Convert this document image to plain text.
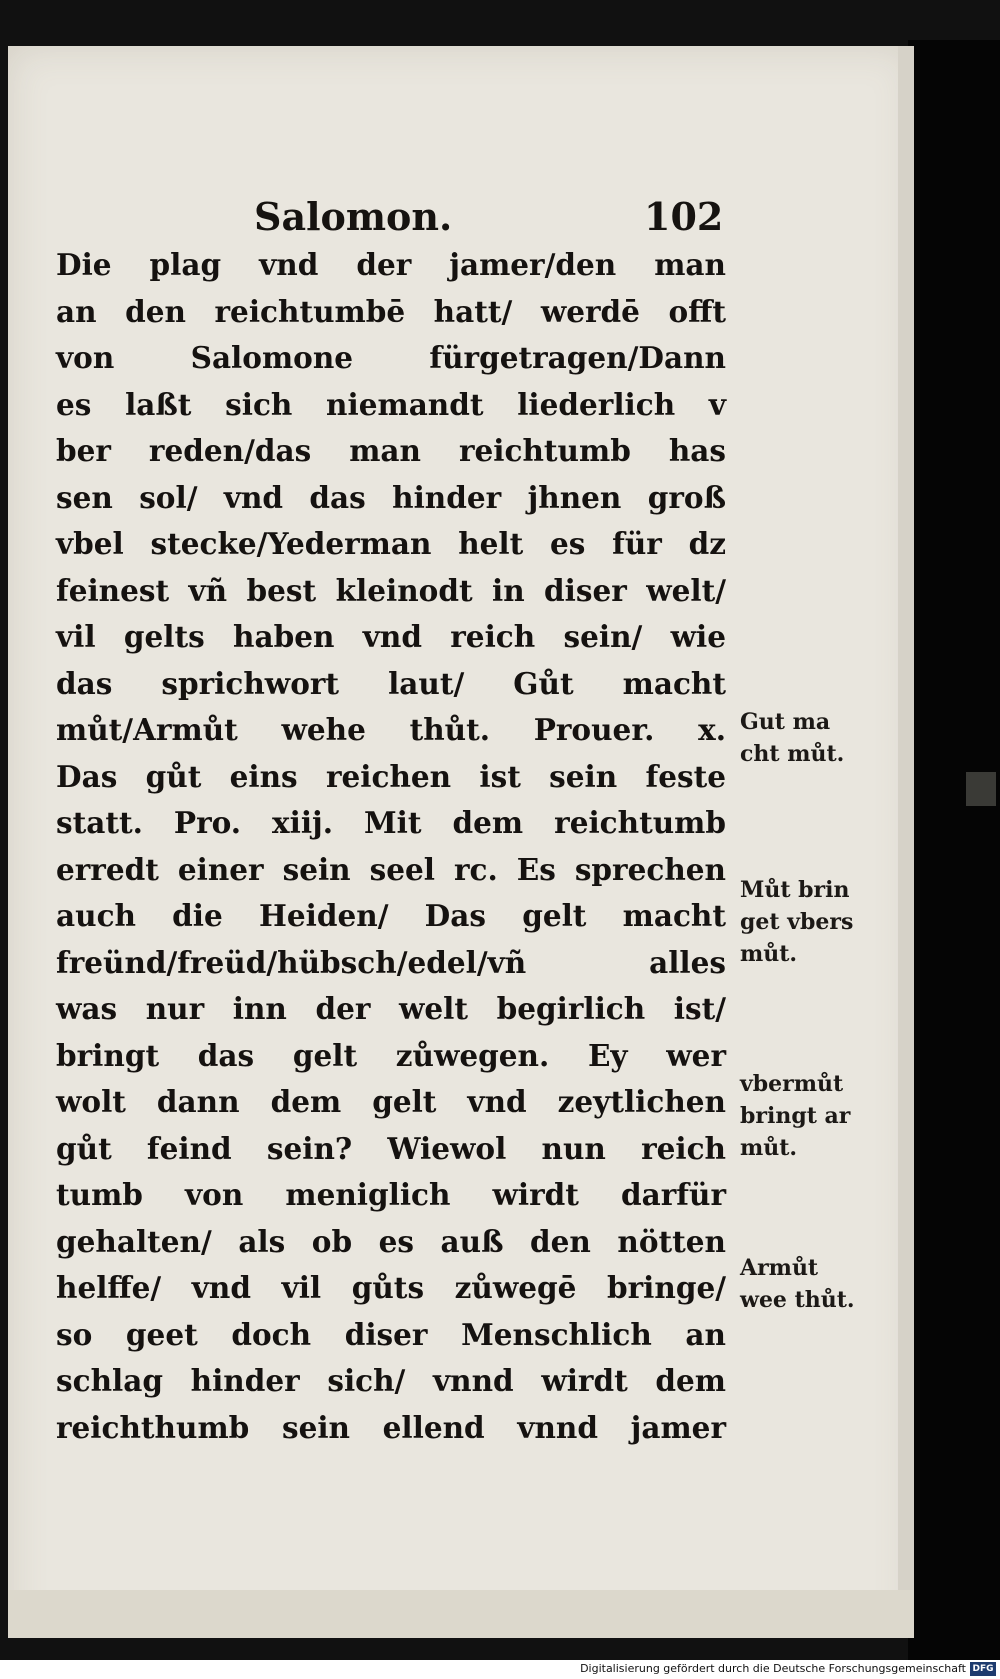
Salomon.	102
Die plag vnd der jamer/den man
an den reichtumbē hatt/ werdē offt
von Salomone fürgetragen/Dann
es laßt sich niemandt liederlich v
ber reden/das man reichtumb has
sen sol/ vnd das hinder jhnen groß
vbel stecke/Yederman helt es für dz
feinest vñ best kleinodt in diser welt/
vil gelts haben vnd reich sein/ wie
das sprichwort laut/ Gůt macht
můt/Armůt wehe thůt. Prouer. x.
Das gůt eins reichen ist sein feste
statt. Pro. xiij. Mit dem reichtumb
erredt einer sein seel rc. Es sprechen
auch die Heiden/ Das gelt macht
freünd/freüd/hübsch/edel/vñ alles
was nur inn der welt begirlich ist/
bringt das gelt zůwegen. Ey wer
wolt dann dem gelt vnd zeytlichen
gůt feind sein? Wiewol nun reich
tumb von meniglich wirdt darfür
gehalten/ als ob es auß den nötten
helffe/ vnd vil gůts zůwegē bringe/
so geet doch diser Menschlich an
schlag hinder sich/ vnnd wirdt dem
reichthumb sein ellend vnnd jamer
Gut ma
cht můt.
Můt brin
get vbers
můt.
vbermůt
bringt ar
můt.
Armůt
wee thůt.
Digitalisierung gefördert durch die Deutsche Forschungsgemeinschaft DFG
